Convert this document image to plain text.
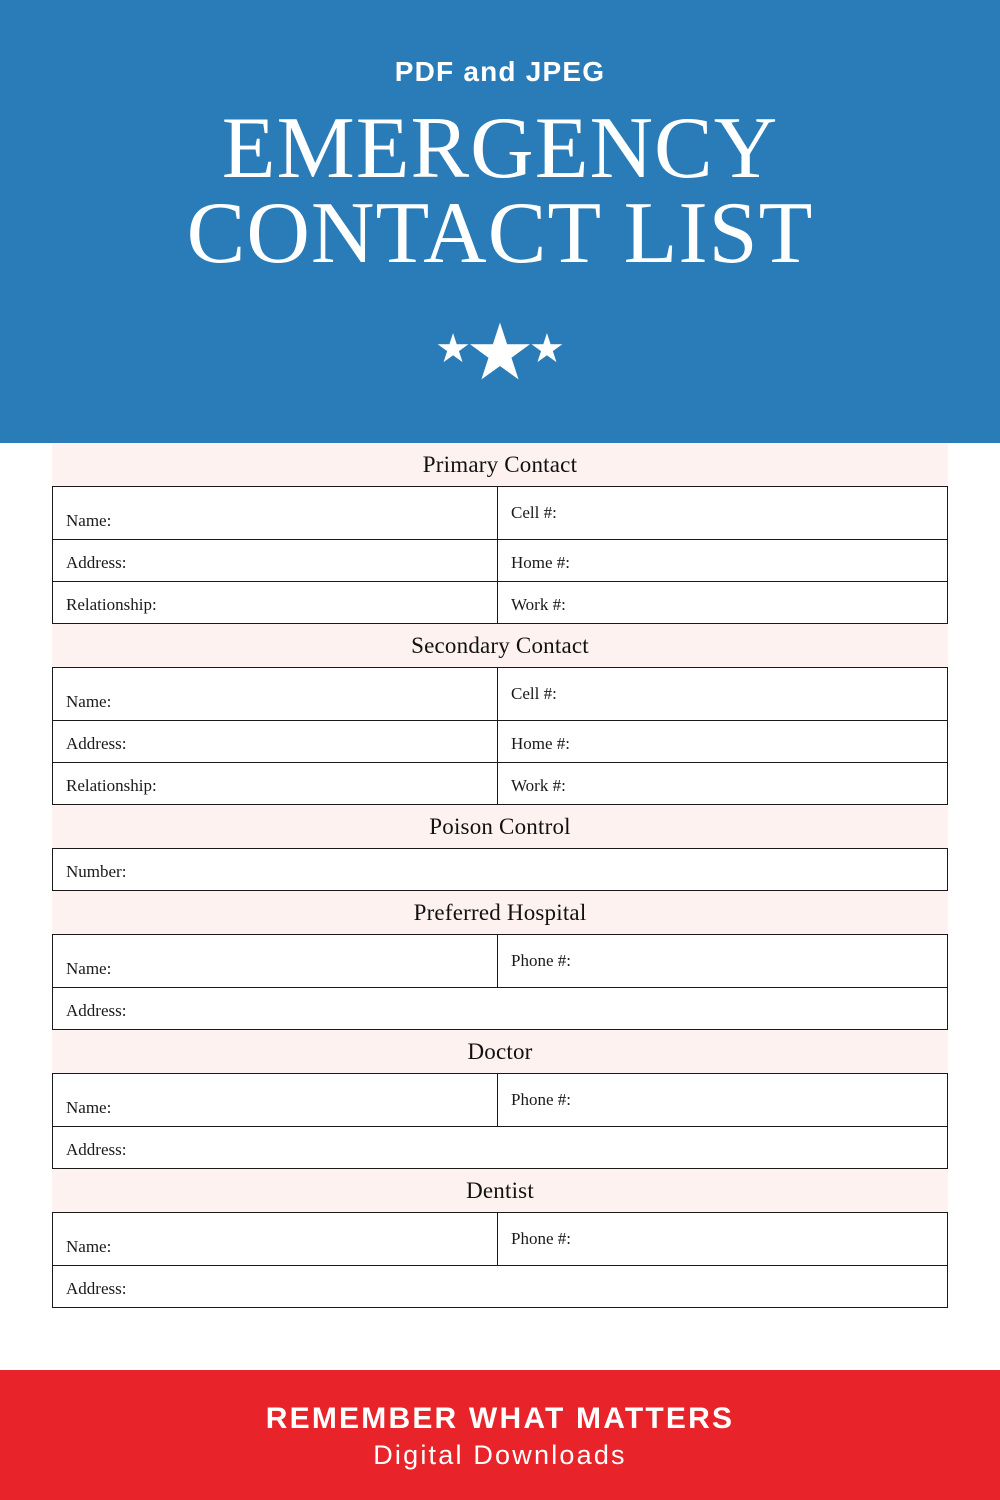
PDF and JPEG
EMERGENCY
CONTACT LIST
★
★
★
Primary Contact
Name:	Cell #:
Address:	Home #:
Relationship:	Work #:
Secondary Contact
Name:	Cell #:
Address:	Home #:
Relationship:	Work #:
Poison Control
Number:
Preferred Hospital
Name:	Phone #:
Address:
Doctor
Name:	Phone #:
Address:
Dentist
Name:	Phone #:
Address:
REMEMBER WHAT MATTERS
Digital Downloads
